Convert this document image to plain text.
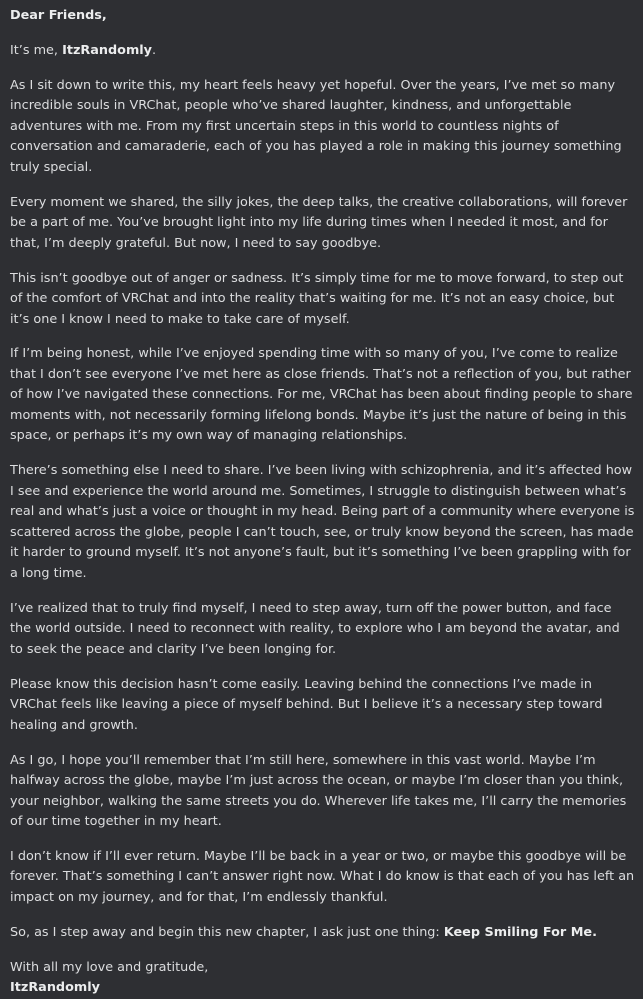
Dear Friends,

It’s me, ItzRandomly.

As I sit down to write this, my heart feels heavy yet hopeful. Over the years, I’ve met so many incredible souls in VRChat, people who’ve shared laughter, kindness, and unforgettable adventures with me. From my first uncertain steps in this world to countless nights of conversation and camaraderie, each of you has played a role in making this journey something truly special.

Every moment we shared, the silly jokes, the deep talks, the creative collaborations, will forever be a part of me. You’ve brought light into my life during times when I needed it most, and for that, I’m deeply grateful. But now, I need to say goodbye.

This isn’t goodbye out of anger or sadness. It’s simply time for me to move forward, to step out of the comfort of VRChat and into the reality that’s waiting for me. It’s not an easy choice, but it’s one I know I need to make to take care of myself.

If I’m being honest, while I’ve enjoyed spending time with so many of you, I’ve come to realize that I don’t see everyone I’ve met here as close friends. That’s not a reflection of you, but rather of how I’ve navigated these connections. For me, VRChat has been about finding people to share moments with, not necessarily forming lifelong bonds. Maybe it’s just the nature of being in this space, or perhaps it’s my own way of managing relationships.

There’s something else I need to share. I’ve been living with schizophrenia, and it’s affected how I see and experience the world around me. Sometimes, I struggle to distinguish between what’s real and what’s just a voice or thought in my head. Being part of a community where everyone is scattered across the globe, people I can’t touch, see, or truly know beyond the screen, has made it harder to ground myself. It’s not anyone’s fault, but it’s something I’ve been grappling with for a long time.

I’ve realized that to truly find myself, I need to step away, turn off the power button, and face the world outside. I need to reconnect with reality, to explore who I am beyond the avatar, and to seek the peace and clarity I’ve been longing for.

Please know this decision hasn’t come easily. Leaving behind the connections I’ve made in VRChat feels like leaving a piece of myself behind. But I believe it’s a necessary step toward healing and growth.

As I go, I hope you’ll remember that I’m still here, somewhere in this vast world. Maybe I’m halfway across the globe, maybe I’m just across the ocean, or maybe I’m closer than you think, your neighbor, walking the same streets you do. Wherever life takes me, I’ll carry the memories of our time together in my heart.

I don’t know if I’ll ever return. Maybe I’ll be back in a year or two, or maybe this goodbye will be forever. That’s something I can’t answer right now. What I do know is that each of you has left an impact on my journey, and for that, I’m endlessly thankful.

So, as I step away and begin this new chapter, I ask just one thing: Keep Smiling For Me.

With all my love and gratitude,

ItzRandomly
